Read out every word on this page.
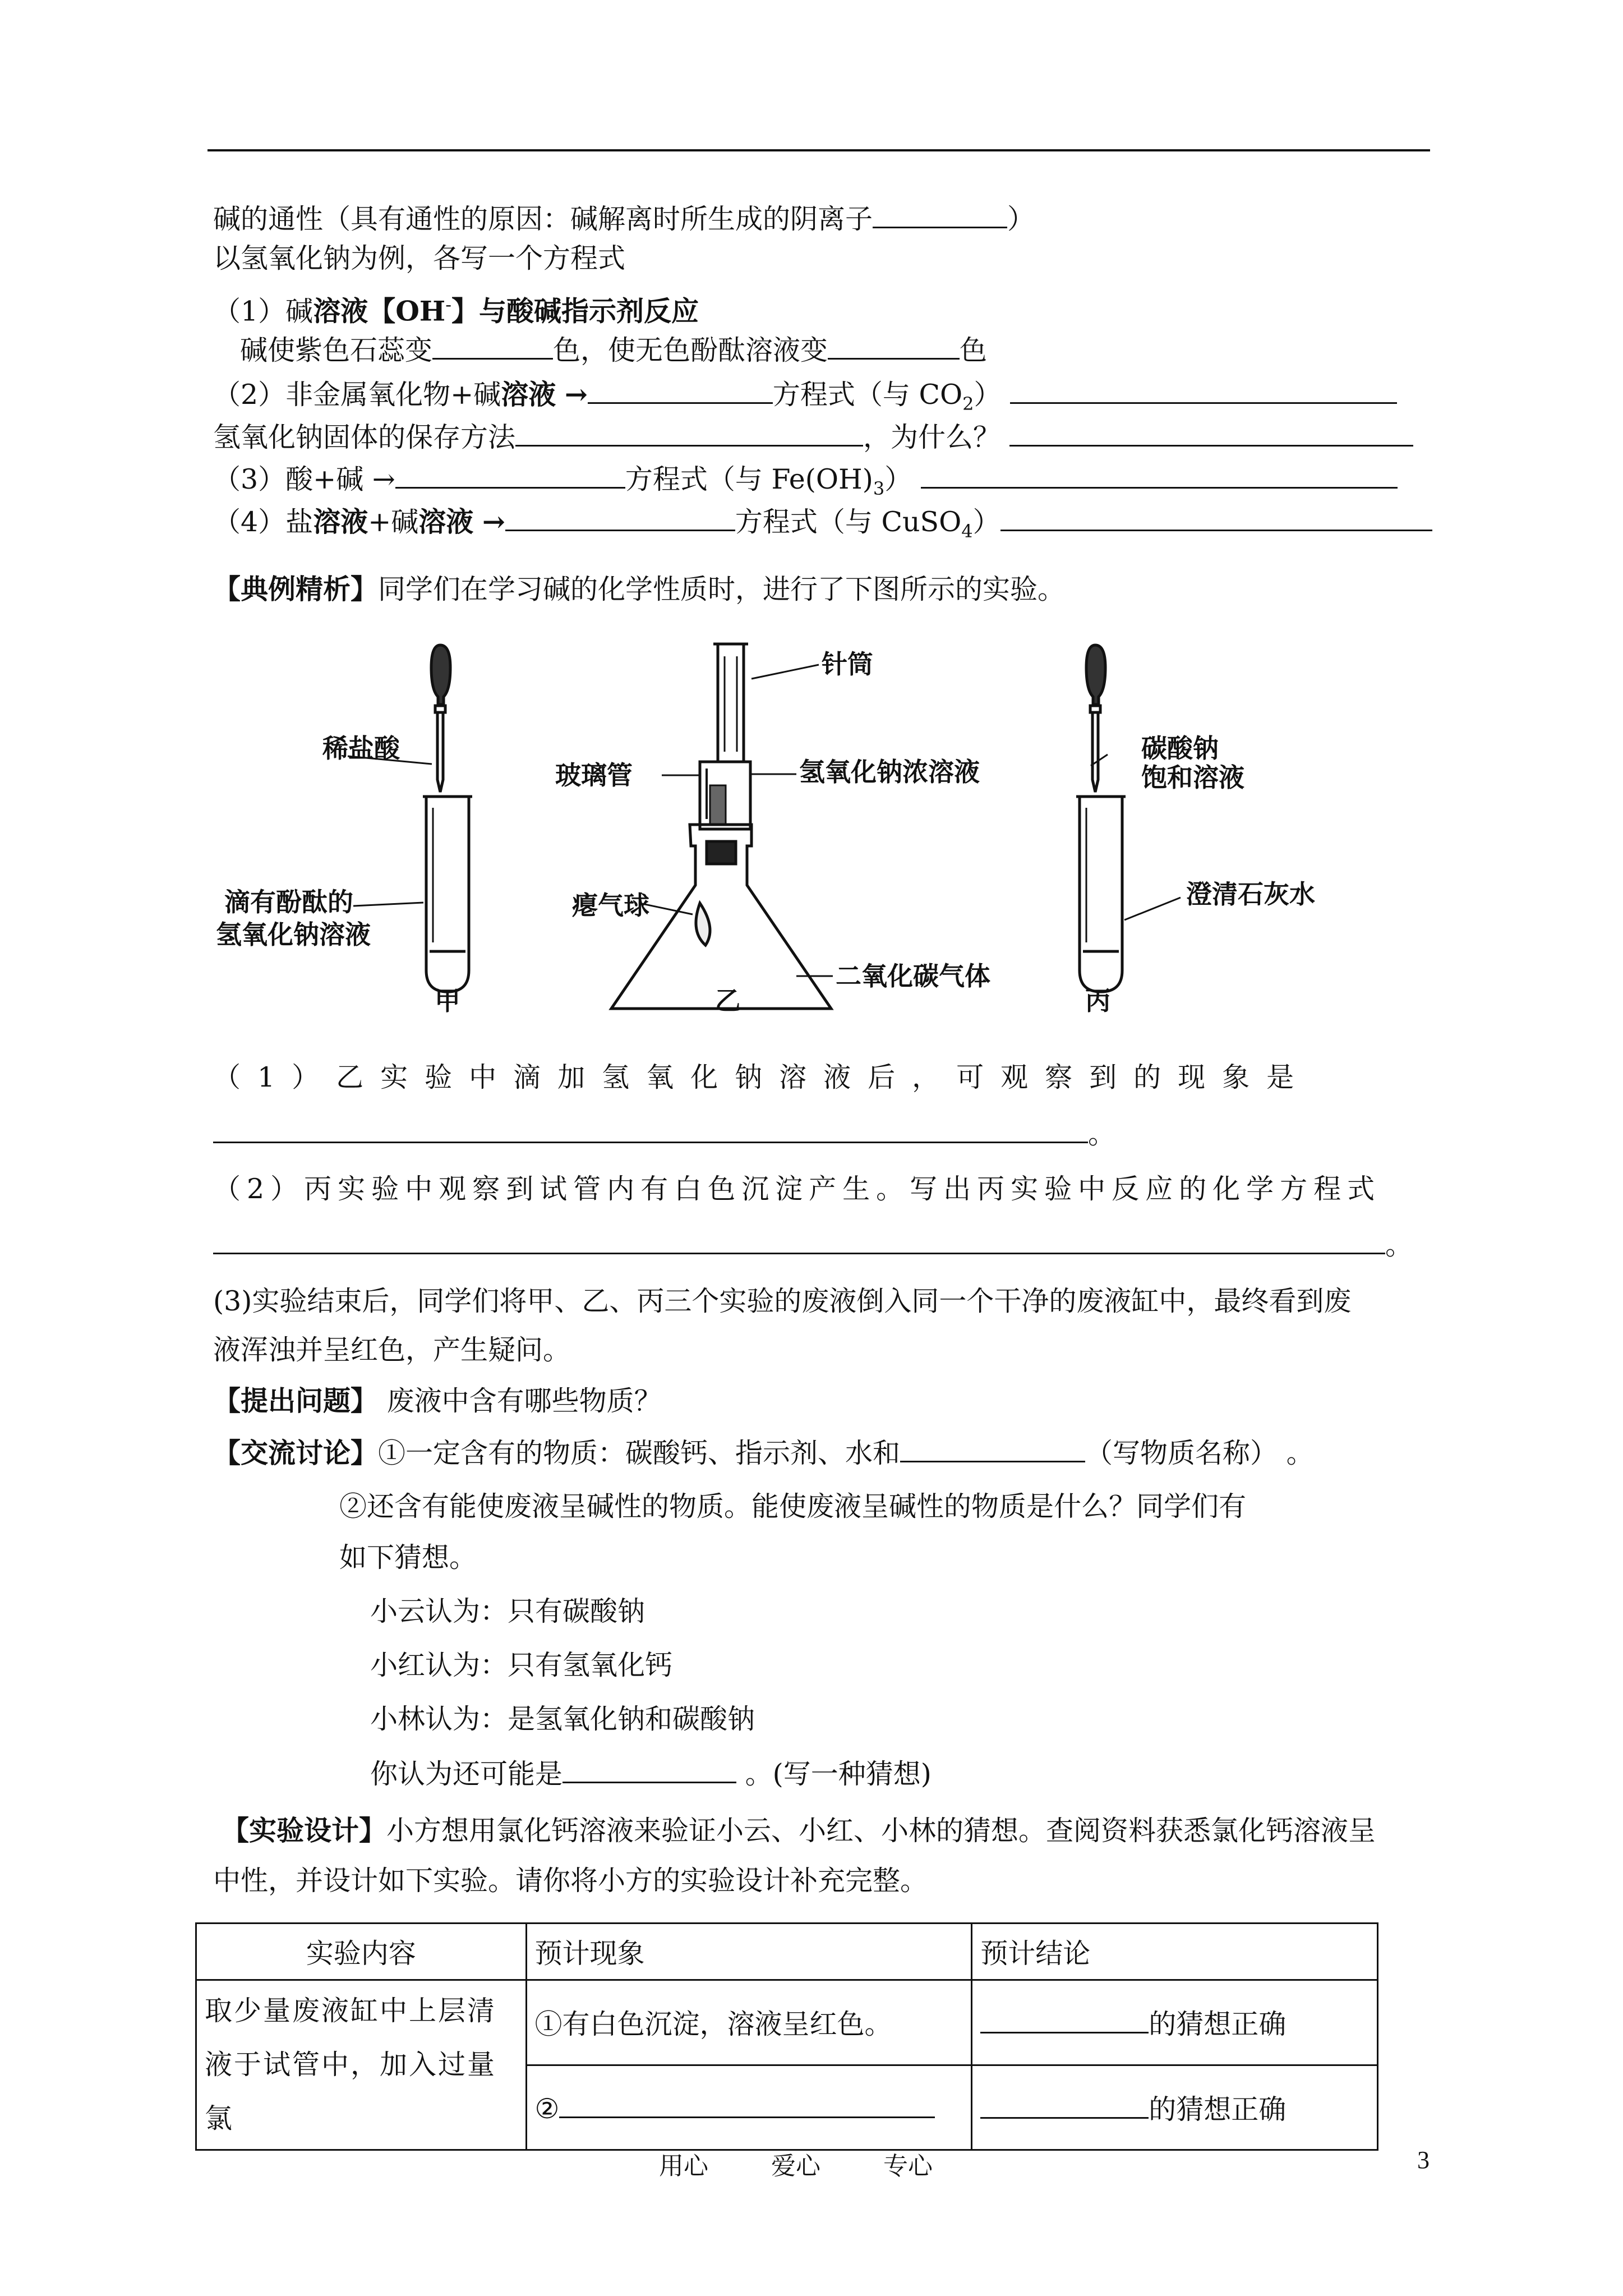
碱的通性（具有通性的原因：碱解离时所生成的阴离子	）
以氢氧化钠为例，各写一个方程式
（1）碱溶液【OH-】与酸碱指示剂反应
碱使紫色石蕊变	色，使无色酚酞溶液变	色
（2）非金属氧化物+碱溶液 →	方程式（与 $CO_2$）
氢氧化钠固体的保存方法	，为什么？
（3）酸+碱 →	方程式（与 $Fe(OH)_3$）
（4）盐溶液+碱溶液 →	方程式（与 CuSO$_4$）
【典例精析】同学们在学习碱的化学性质时，进行了下图所示的实验。
稀盐酸
滴有酚酞的
氢氧化钠溶液
甲
针筒
玻璃管	氢氧化钠浓溶液
瘪气球
二氧化碳气体
乙
碳酸钠
饱和溶液
澄清石灰水
丙
（1）乙实验中滴加氢氧化钠溶液后，可观察到的现象是
。
（2）丙实验中观察到试管内有白色沉淀产生。写出丙实验中反应的化学方程式
。
(3)实验结束后，同学们将甲、乙、丙三个实验的废液倒入同一个干净的废液缸中，最终看到废
液浑浊并呈红色，产生疑问。
【提出问题】 废液中含有哪些物质？
【交流讨论】①一定含有的物质：碳酸钙、指示剂、水和	（写物质名称） 。
②还含有能使废液呈碱性的物质。能使废液呈碱性的物质是什么？同学们有
如下猜想。
小云认为：只有碳酸钠
小红认为：只有氢氧化钙
小林认为：是氢氧化钠和碳酸钠
你认为还可能是	。(写一种猜想)
【实验设计】小方想用氯化钙溶液来验证小云、小红、小林的猜想。查阅资料获悉氯化钙溶液呈
中性，并设计如下实验。请你将小方的实验设计补充完整。
实验内容	预计现象	预计结论
取少量废液缸中上层清液于试管中，加入过量氯	①有白色沉淀，溶液呈红色。	的猜想正确
	②	的猜想正确
用心	爱心	专心	3
